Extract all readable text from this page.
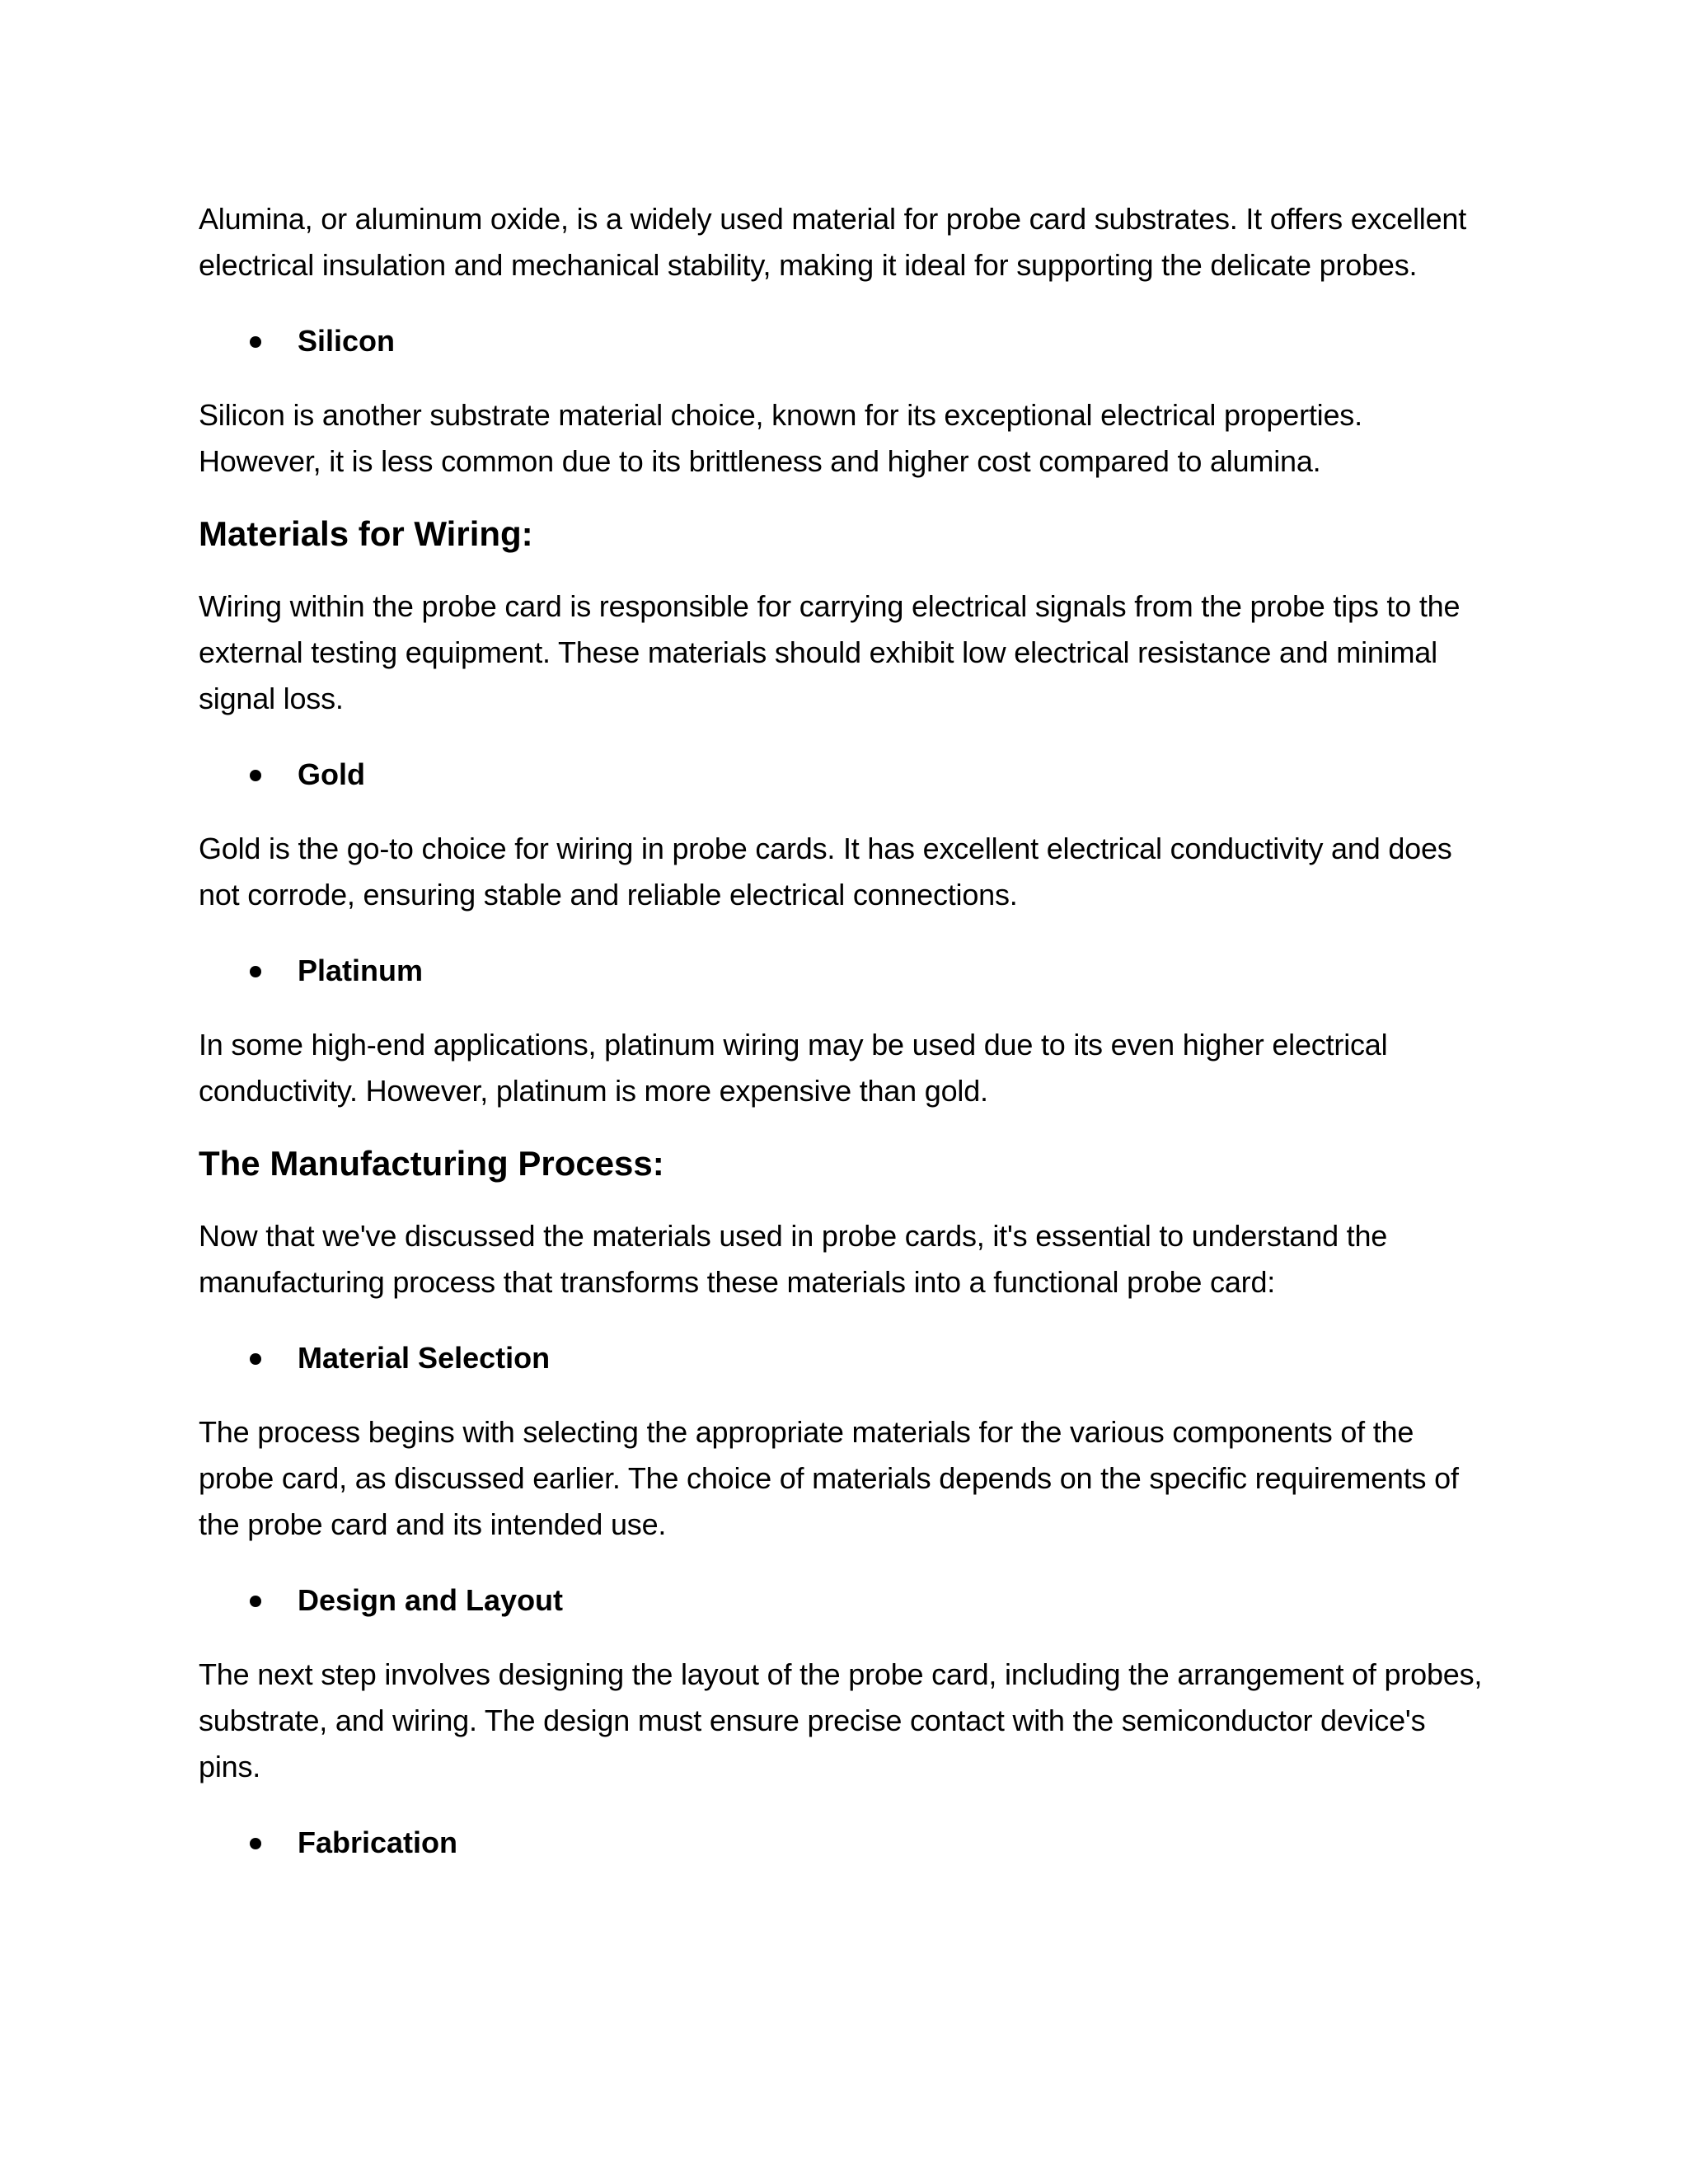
Alumina, or aluminum oxide, is a widely used material for probe card substrates. It offers excellent electrical insulation and mechanical stability, making it ideal for supporting the delicate probes.

Silicon

Silicon is another substrate material choice, known for its exceptional electrical properties. However, it is less common due to its brittleness and higher cost compared to alumina.

Materials for Wiring:

Wiring within the probe card is responsible for carrying electrical signals from the probe tips to the external testing equipment. These materials should exhibit low electrical resistance and minimal signal loss.

Gold

Gold is the go-to choice for wiring in probe cards. It has excellent electrical conductivity and does not corrode, ensuring stable and reliable electrical connections.

Platinum

In some high-end applications, platinum wiring may be used due to its even higher electrical conductivity. However, platinum is more expensive than gold.

The Manufacturing Process:

Now that we've discussed the materials used in probe cards, it's essential to understand the manufacturing process that transforms these materials into a functional probe card:

Material Selection

The process begins with selecting the appropriate materials for the various components of the probe card, as discussed earlier. The choice of materials depends on the specific requirements of the probe card and its intended use.

Design and Layout

The next step involves designing the layout of the probe card, including the arrangement of probes, substrate, and wiring. The design must ensure precise contact with the semiconductor device's pins.

Fabrication
